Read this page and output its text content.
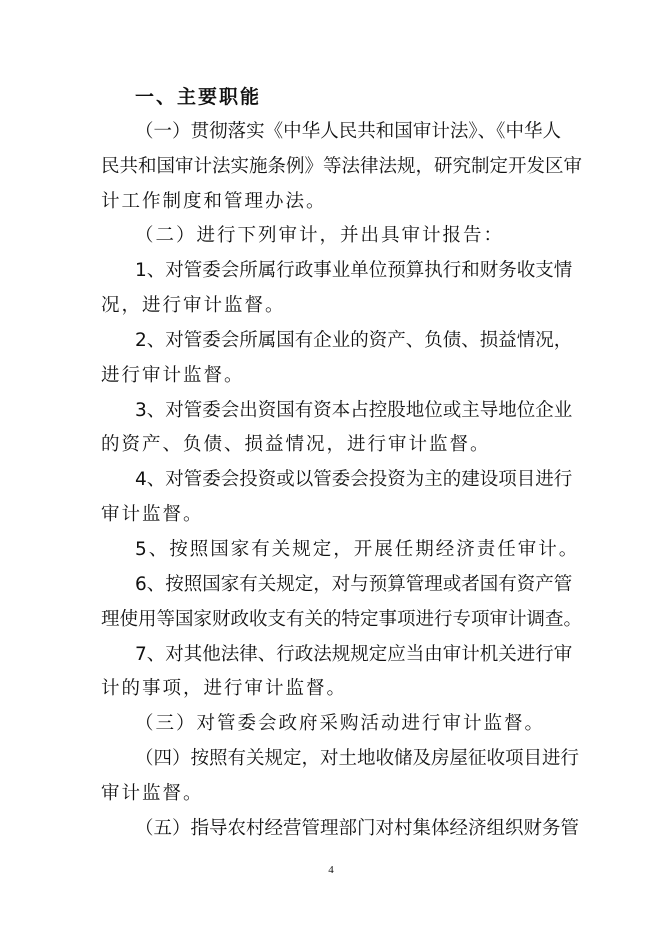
一、主要职能
（一）贯彻落实《中华人民共和国审计法》、《中华人
民共和国审计法实施条例》等法律法规，研究制定开发区审
计工作制度和管理办法。
（二）进行下列审计，并出具审计报告：
1、对管委会所属行政事业单位预算执行和财务收支情
况，进行审计监督。
2、对管委会所属国有企业的资产、负债、损益情况，
进行审计监督。
3、对管委会出资国有资本占控股地位或主导地位企业
的资产、负债、损益情况，进行审计监督。
4、对管委会投资或以管委会投资为主的建设项目进行
审计监督。
5、按照国家有关规定，开展任期经济责任审计。
6、按照国家有关规定，对与预算管理或者国有资产管
理使用等国家财政收支有关的特定事项进行专项审计调查。
7、对其他法律、行政法规规定应当由审计机关进行审
计的事项，进行审计监督。
（三）对管委会政府采购活动进行审计监督。
（四）按照有关规定，对土地收储及房屋征收项目进行
审计监督。
（五）指导农村经营管理部门对村集体经济组织财务管
4
